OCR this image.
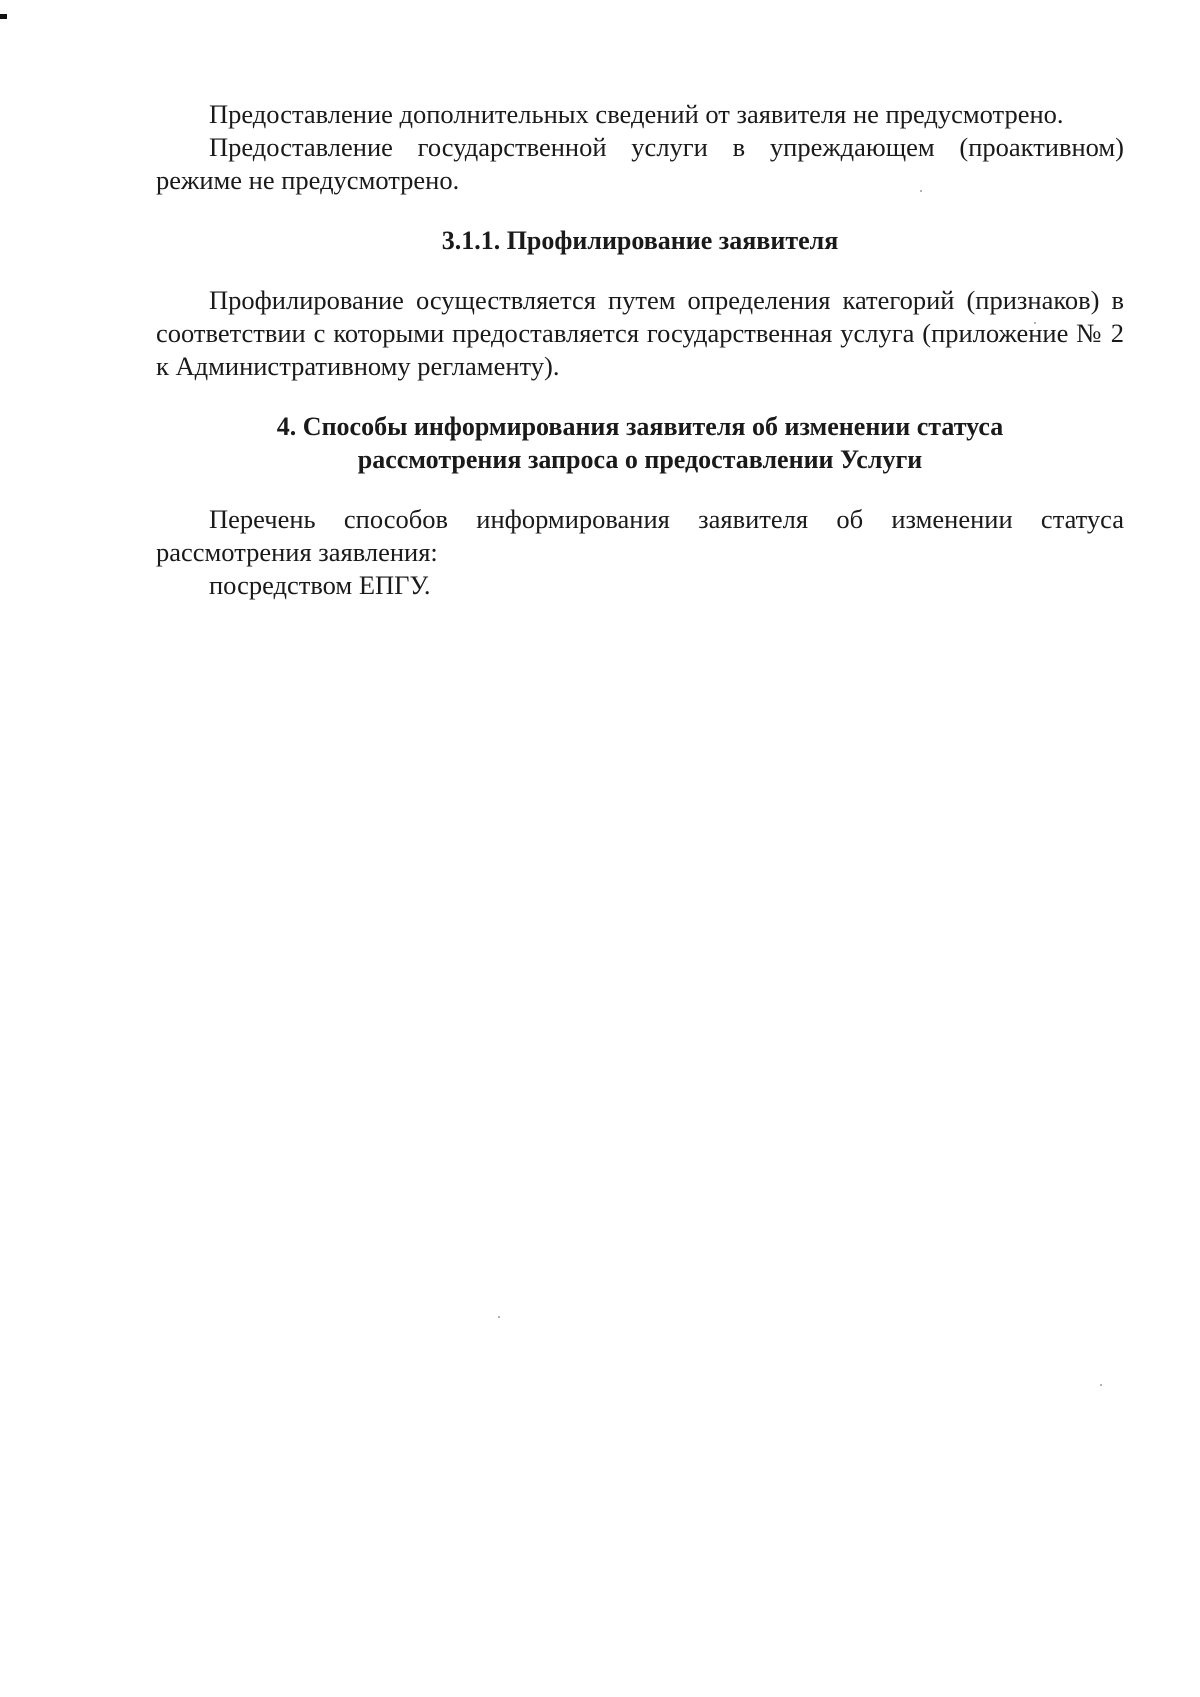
Предоставление дополнительных сведений от заявителя не предусмотрено.

Предоставление государственной услуги в упреждающем (проактивном) режиме не предусмотрено.

3.1.1. Профилирование заявителя

Профилирование осуществляется путем определения категорий (признаков) в соответствии с которыми предоставляется государственная услуга (приложение № 2 к Административному регламенту).

4. Способы информирования заявителя об изменении статуса
рассмотрения запроса о предоставлении Услуги

Перечень способов информирования заявителя об изменении статуса рассмотрения заявления:

посредством ЕПГУ.
